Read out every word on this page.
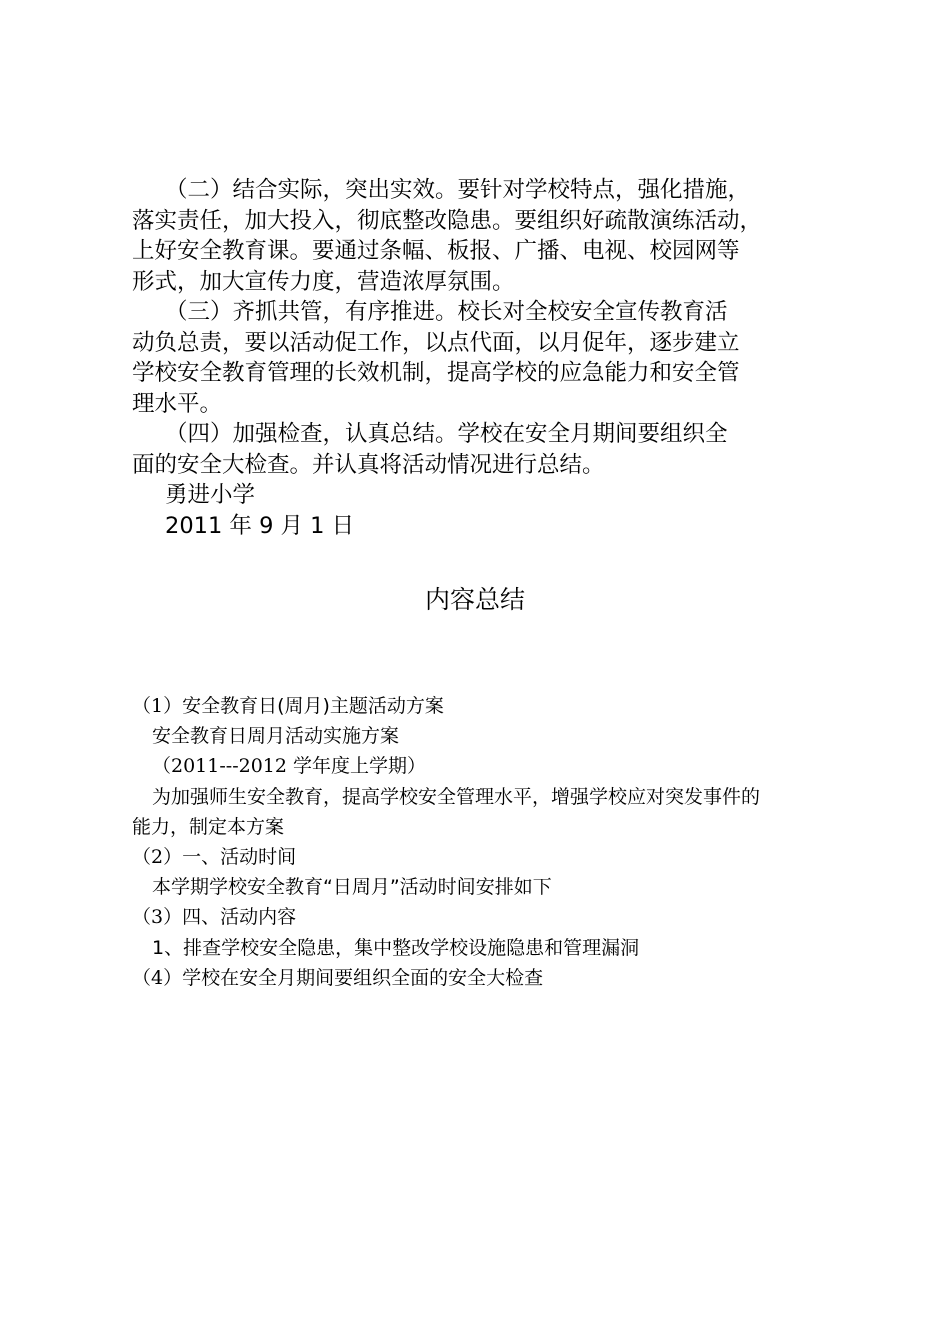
（二）结合实际，突出实效。要针对学校特点，强化措施，

落实责任，加大投入，彻底整改隐患。要组织好疏散演练活动，

上好安全教育课。要通过条幅、板报、广播、电视、校园网等

形式，加大宣传力度，营造浓厚氛围。

（三）齐抓共管，有序推进。校长对全校安全宣传教育活

动负总责，要以活动促工作，以点代面，以月促年，逐步建立

学校安全教育管理的长效机制，提高学校的应急能力和安全管

理水平。

（四）加强检查，认真总结。学校在安全月期间要组织全

面的安全大检查。并认真将活动情况进行总结。

勇进小学

2011 年 9 月 1 日

内容总结

（1）安全教育日(周月)主题活动方案

安全教育日周月活动实施方案

（2011---2012 学年度上学期）

为加强师生安全教育，提高学校安全管理水平，增强学校应对突发事件的

能力，制定本方案

（2）一、活动时间

本学期学校安全教育“日周月”活动时间安排如下

（3）四、活动内容

1、排查学校安全隐患，集中整改学校设施隐患和管理漏洞

（4）学校在安全月期间要组织全面的安全大检查
